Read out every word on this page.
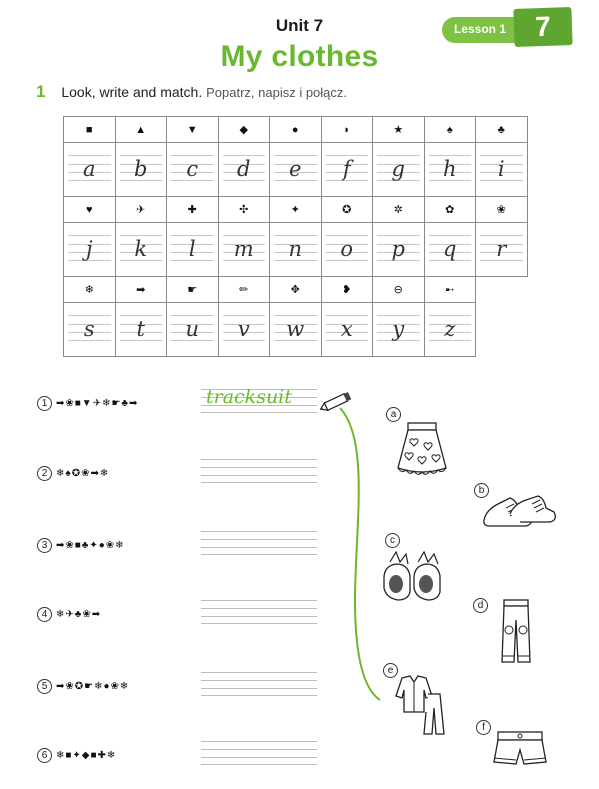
Unit 7
My clothes
Lesson 1	7
1 Look, write and match. Popatrz, napisz i połącz.
■	▲	▼	◆	●	◗	★	♠	♣

a	b	c	d	e	f	g	h	i
♥	✈	✚	✣	✦	✪	✲	✿	❀

j	k	l	m	n	o	p	q	r
❄	➡	☛	✏	✥	❥	⊖	➸	

s	t	u	v	w	x	y	z	
1 ➡❀■▼✈❄☛♣➡
2 ❄♠✪❀➡❄
3 ➡❀■♣✦●❀❄
4 ❄✈♣❀➡
5 ➡❀✪☛❄●❀❄
6 ❄■✦◆■✚❄
tracksuit
a
b
c
d
e
f
